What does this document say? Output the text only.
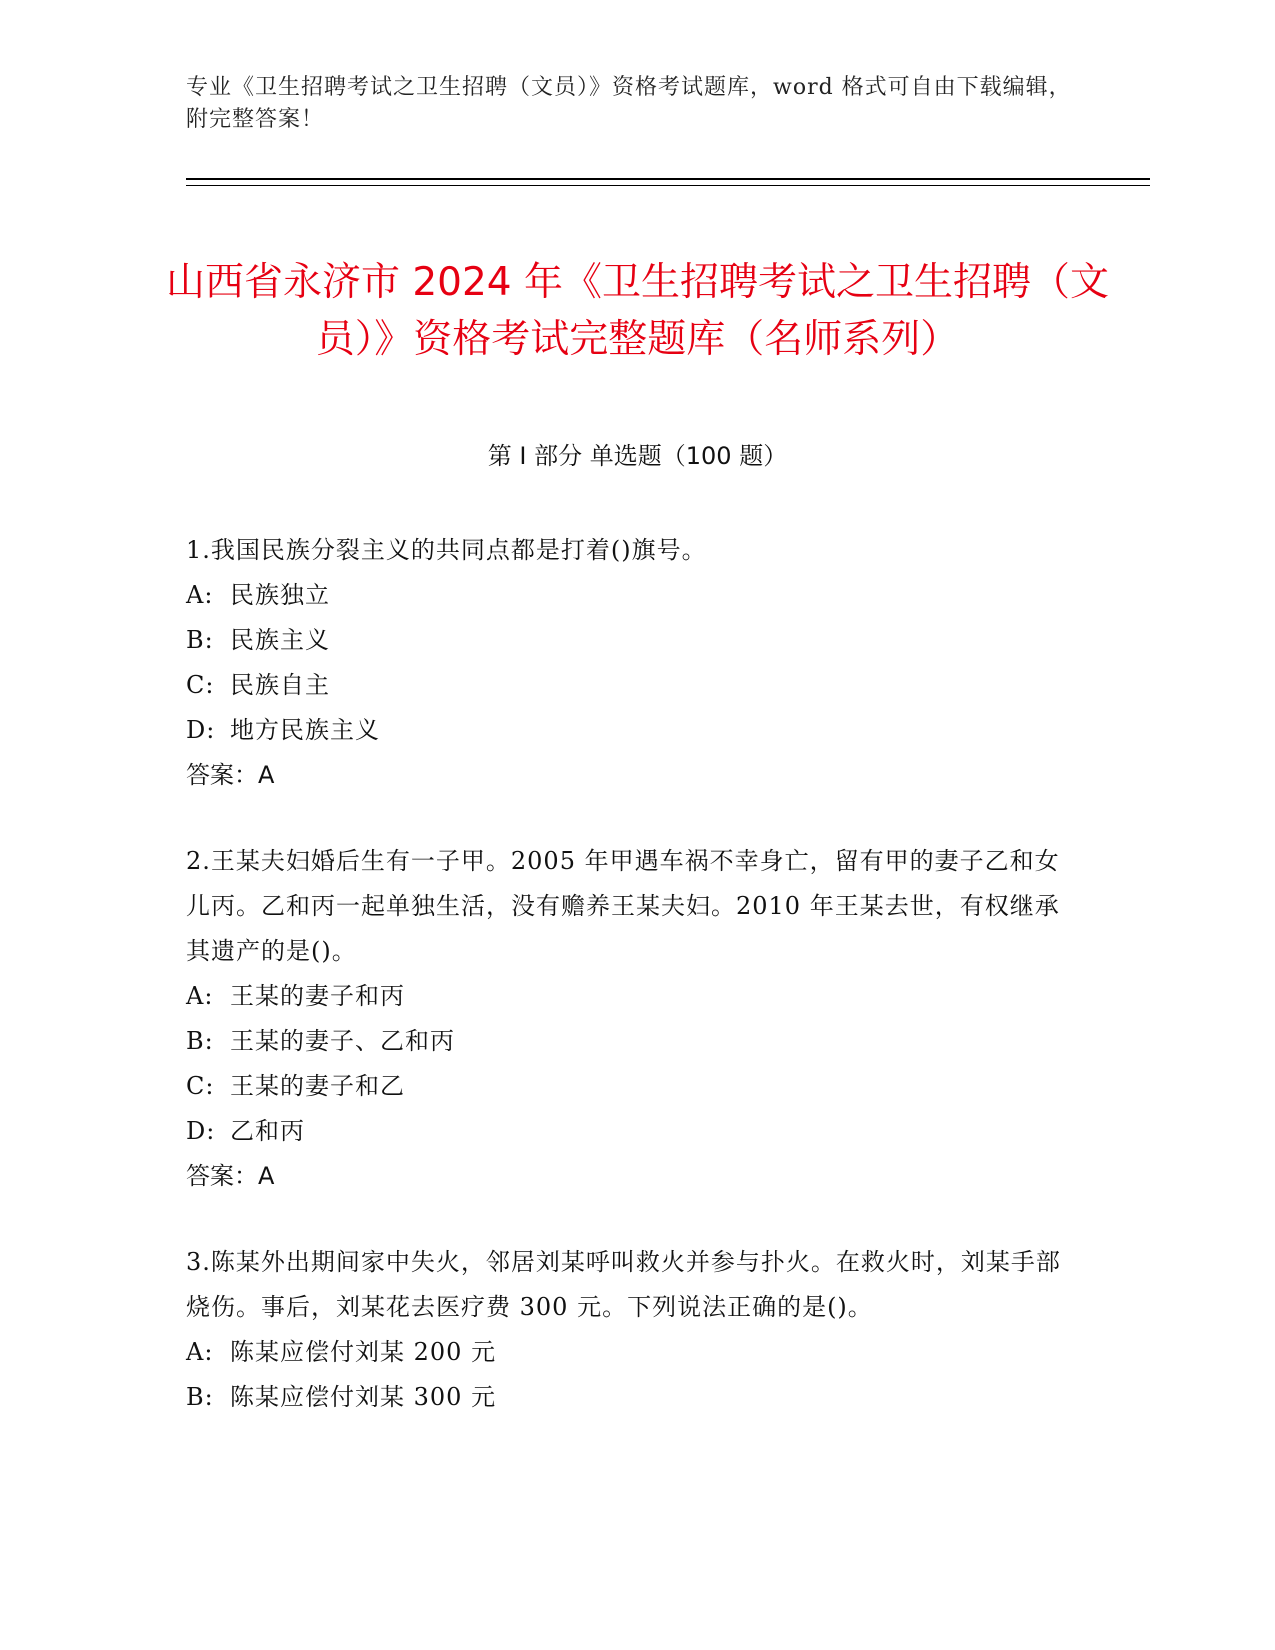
专业《卫生招聘考试之卫生招聘（文员）》资格考试题库，word 格式可自由下载编辑，附完整答案！
山西省永济市 2024 年《卫生招聘考试之卫生招聘（文员）》资格考试完整题库（名师系列）
第 I 部分 单选题（100 题）

1.我国民族分裂主义的共同点都是打着()旗号。

A: 民族独立

B: 民族主义

C: 民族自主

D: 地方民族主义

答案：A

2.王某夫妇婚后生有一子甲。2005 年甲遇车祸不幸身亡，留有甲的妻子乙和女儿丙。乙和丙一起单独生活，没有赡养王某夫妇。2010 年王某去世，有权继承其遗产的是()。

A: 王某的妻子和丙

B: 王某的妻子、乙和丙

C: 王某的妻子和乙

D: 乙和丙

答案：A

3.陈某外出期间家中失火，邻居刘某呼叫救火并参与扑火。在救火时，刘某手部烧伤。事后，刘某花去医疗费 300 元。下列说法正确的是()。

A: 陈某应偿付刘某 200 元

B: 陈某应偿付刘某 300 元
